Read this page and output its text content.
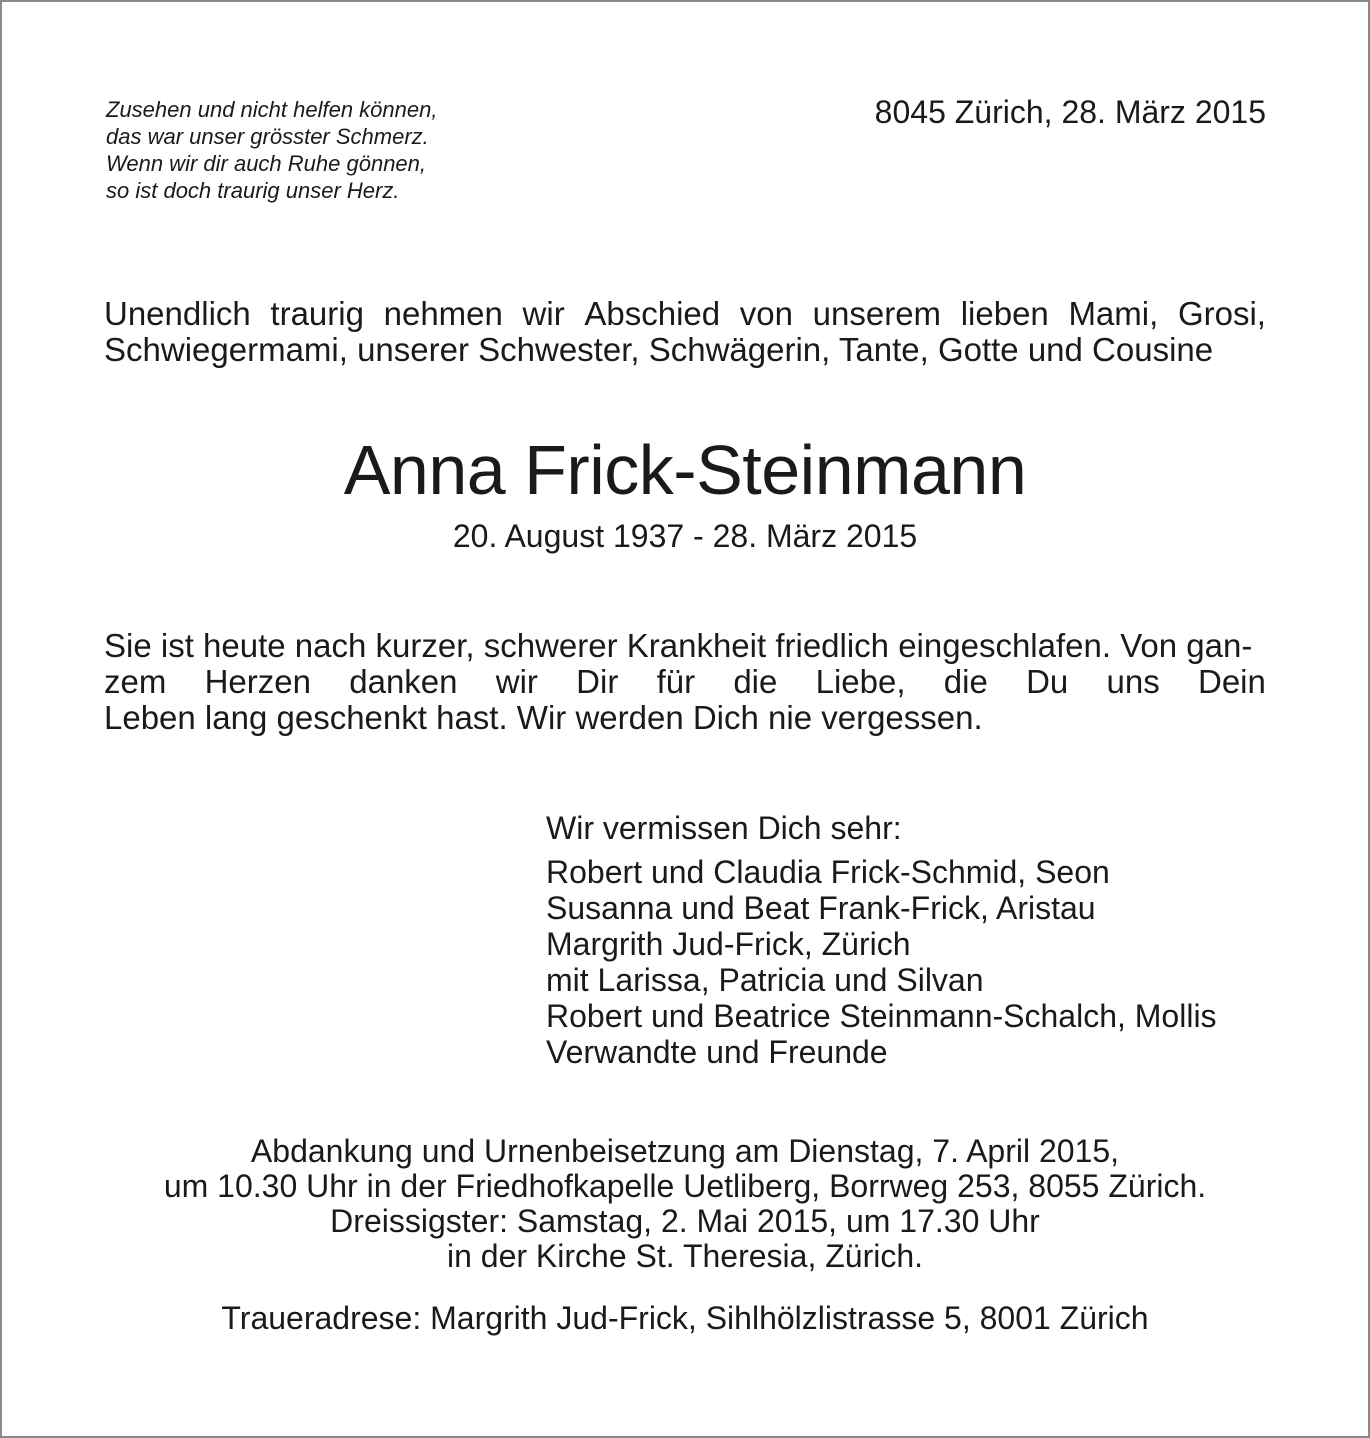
Zusehen und nicht helfen können,
das war unser grösster Schmerz.
Wenn wir dir auch Ruhe gönnen,
so ist doch traurig unser Herz.
8045 Zürich, 28. März 2015
Unendlich traurig nehmen wir Abschied von unserem lieben Mami, Grosi,
Schwiegermami, unserer Schwester, Schwägerin, Tante, Gotte und Cousine
Anna Frick-Steinmann
20. August 1937 - 28. März 2015
Sie ist heute nach kurzer, schwerer Krankheit friedlich eingeschlafen. Von gan-
zem Herzen danken wir Dir für die Liebe, die Du uns Dein
Leben lang geschenkt hast. Wir werden Dich nie vergessen.
Wir vermissen Dich sehr:
Robert und Claudia Frick-Schmid, Seon
Susanna und Beat Frank-Frick, Aristau
Margrith Jud-Frick, Zürich
mit Larissa, Patricia und Silvan
Robert und Beatrice Steinmann-Schalch, Mollis
Verwandte und Freunde
Abdankung und Urnenbeisetzung am Dienstag, 7. April 2015,
um 10.30 Uhr in der Friedhofkapelle Uetliberg, Borrweg 253, 8055 Zürich.
Dreissigster: Samstag, 2. Mai 2015, um 17.30 Uhr
in der Kirche St. Theresia, Zürich.
Traueradrese: Margrith Jud-Frick, Sihlhölzlistrasse 5, 8001 Zürich
